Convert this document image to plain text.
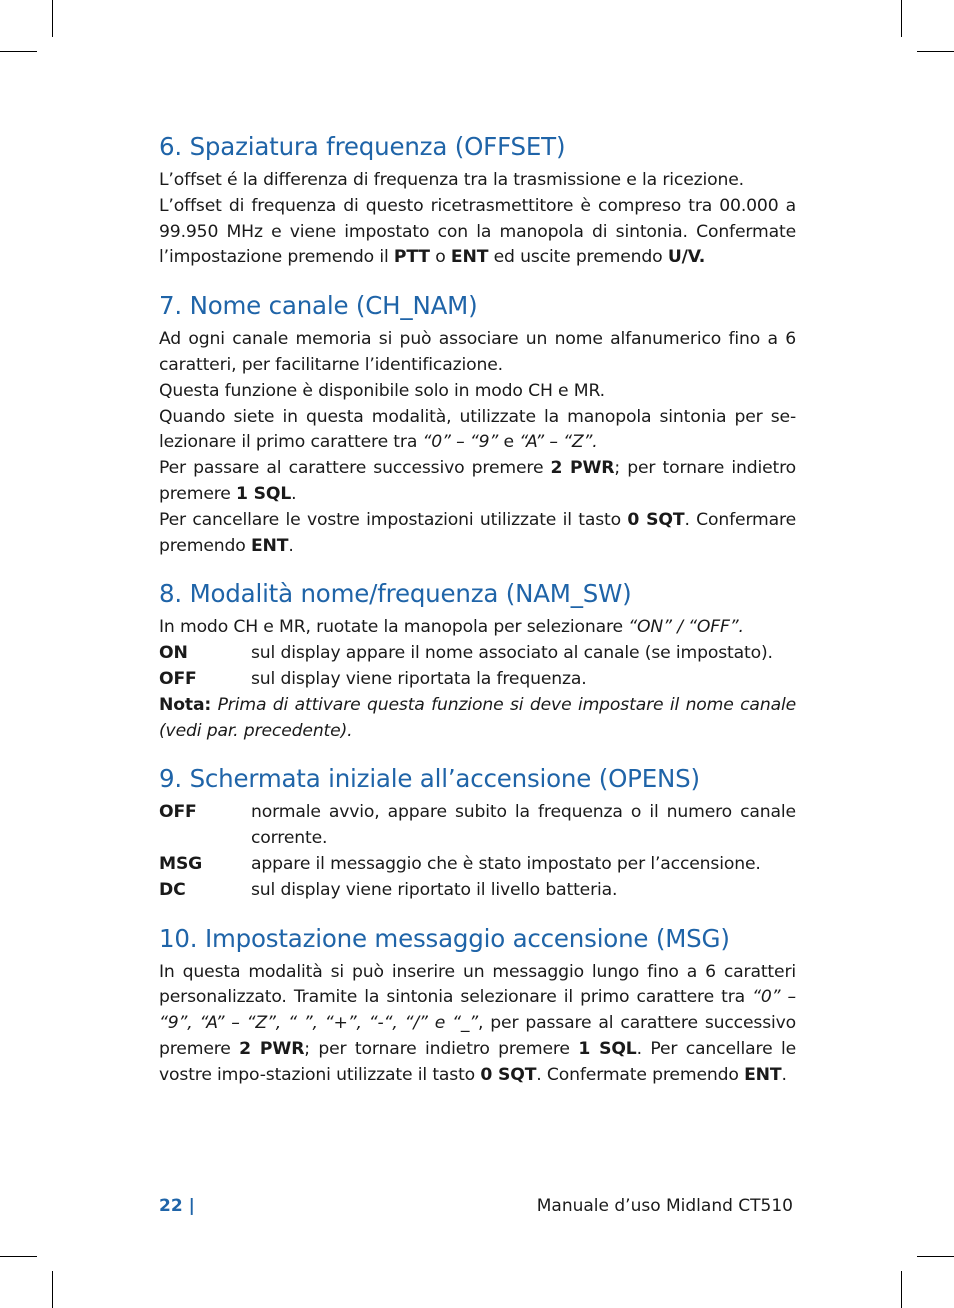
6. Spaziatura frequenza (OFFSET)

L’offset é la differenza di frequenza tra la trasmissione e la ricezione.

L’offset di frequenza di questo ricetrasmettitore è compreso tra 00.000 a 99.950 MHz e viene impostato con la manopola di sintonia. Confermate l’impostazione premendo il PTT o ENT ed uscite premendo U/V.

7. Nome canale (CH_NAM)

Ad ogni canale memoria si può associare un nome alfanumerico fino a 6 caratteri, per facilitarne l’identificazione.

Questa funzione è disponibile solo in modo CH e MR.

Quando siete in questa modalità, utilizzate la manopola sintonia per se-lezionare il primo carattere tra “0” – “9” e “A” – “Z”.

Per passare al carattere successivo premere 2 PWR; per tornare indietro premere 1 SQL.

Per cancellare le vostre impostazioni utilizzate il tasto 0 SQT. Confermare premendo ENT.

8. Modalità nome/frequenza (NAM_SW)

In modo CH e MR, ruotate la manopola per selezionare “ON” / “OFF”.

ON	sul display appare il nome associato al canale (se impostato).
OFF	sul display viene riportata la frequenza.

Nota: Prima di attivare questa funzione si deve impostare il nome canale (vedi par. precedente).

9. Schermata iniziale all’accensione (OPENS)
OFF	normale avvio, appare subito la frequenza o il numero canale corrente.
MSG	appare il messaggio che è stato impostato per l’accensione.
DC	sul display viene riportato il livello batteria.
10. Impostazione messaggio accensione (MSG)

In questa modalità si può inserire un messaggio lungo fino a 6 caratteri personalizzato. Tramite la sintonia selezionare il primo carattere tra “0” – “9”, “A” – “Z”, “ ”, “+”, “-“, “/” e “_”, per passare al carattere successivo premere 2 PWR; per tornare indietro premere 1 SQL. Per cancellare le vostre impo-stazioni utilizzate il tasto 0 SQT. Confermate premendo ENT.

22 |	Manuale d’uso Midland CT510
